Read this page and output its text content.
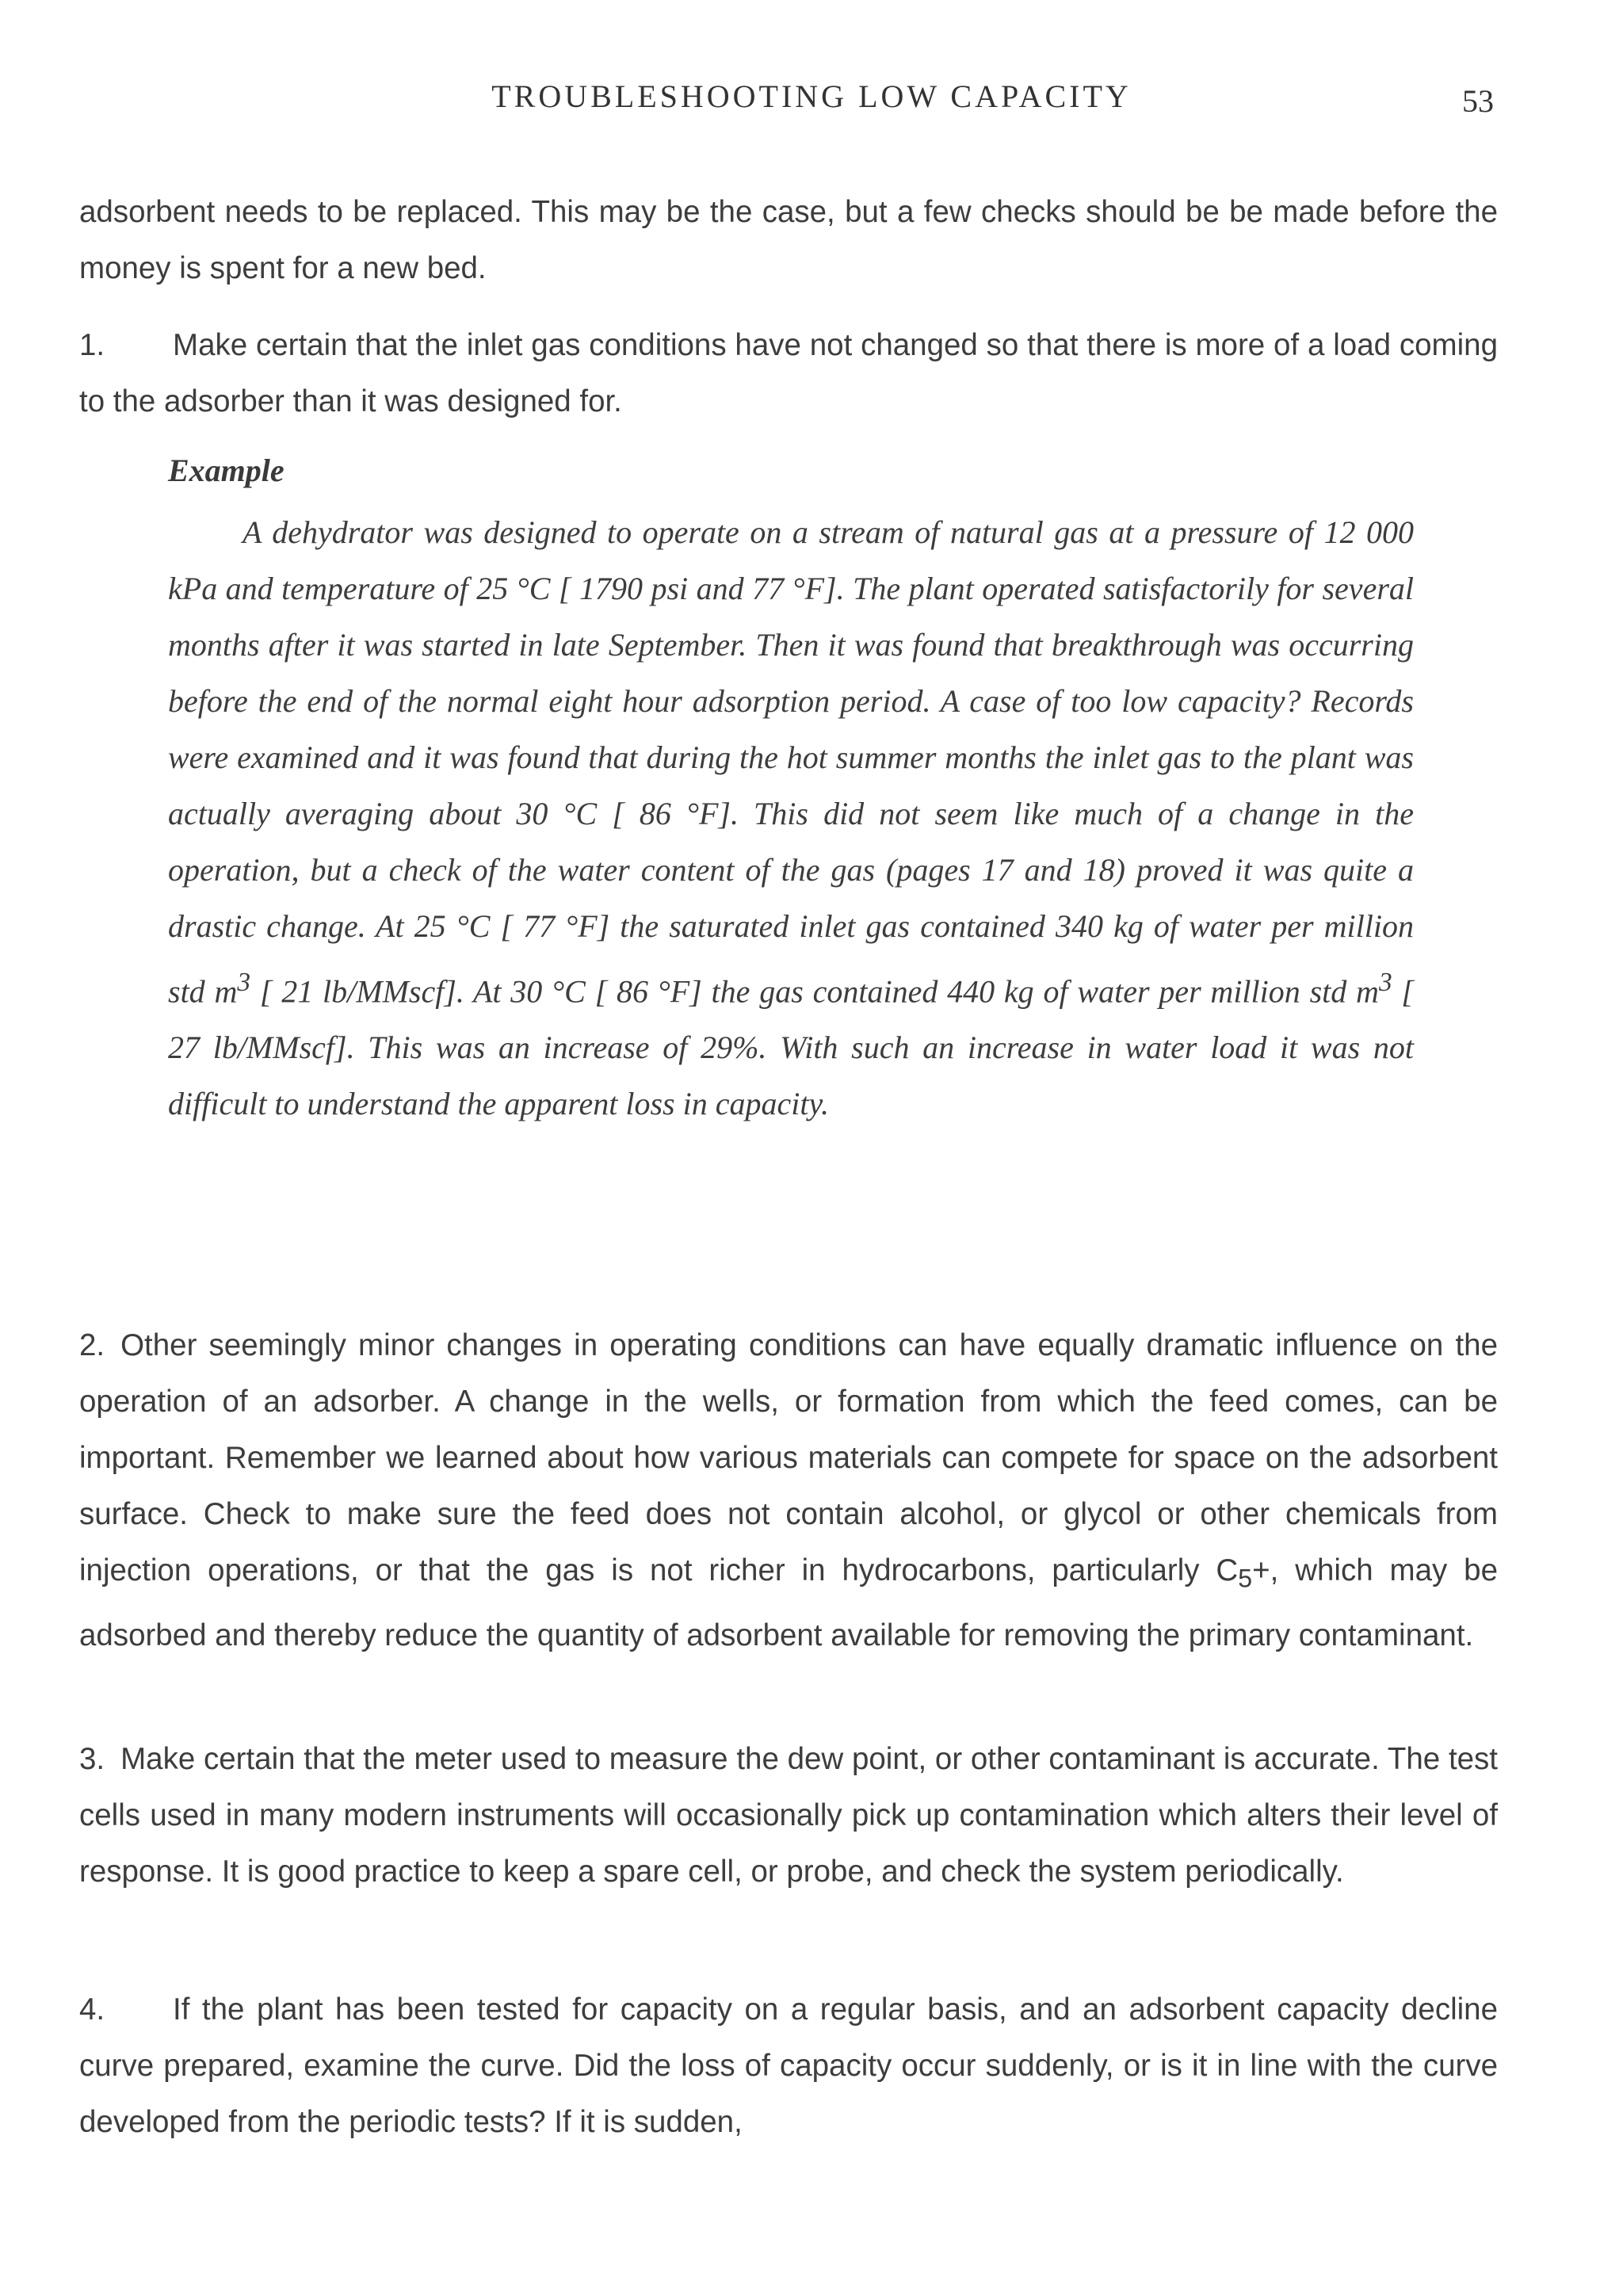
TROUBLESHOOTING LOW CAPACITY	53
adsorbent needs to be replaced. This may be the case, but a few checks should be be made before the money is spent for a new bed.
1. Make certain that the inlet gas conditions have not changed so that there is more of a load coming to the adsorber than it was designed for.
Example
A dehydrator was designed to operate on a stream of natural gas at a pressure of 12 000 kPa and temperature of 25 °C [ 1790 psi and 77 °F]. The plant operated satisfactorily for several months after it was started in late September. Then it was found that breakthrough was occurring before the end of the normal eight hour adsorption period. A case of too low capacity? Records were examined and it was found that during the hot summer months the inlet gas to the plant was actually averaging about 30 °C [ 86 °F]. This did not seem like much of a change in the operation, but a check of the water content of the gas (pages 17 and 18) proved it was quite a drastic change. At 25 °C [ 77 °F] the saturated inlet gas contained 340 kg of water per million std $m^3$ [ 21 lb/MMscf]. At 30 °C [ 86 °F] the gas contained 440 kg of water per million std $m^3$ [ 27 lb/MMscf]. This was an increase of 29%. With such an increase in water load it was not difficult to understand the apparent loss in capacity.
2. Other seemingly minor changes in operating conditions can have equally dramatic influence on the operation of an adsorber. A change in the wells, or formation from which the feed comes, can be important. Remember we learned about how various materials can compete for space on the adsorbent surface. Check to make sure the feed does not contain alcohol, or glycol or other chemicals from injection operations, or that the gas is not richer in hydrocarbons, particularly $C_5+$, which may be adsorbed and thereby reduce the quantity of adsorbent available for removing the primary contaminant.
3. Make certain that the meter used to measure the dew point, or other contaminant is accurate. The test cells used in many modern instruments will occasionally pick up contamination which alters their level of response. It is good practice to keep a spare cell, or probe, and check the system periodically.
4. If the plant has been tested for capacity on a regular basis, and an adsorbent capacity decline curve prepared, examine the curve. Did the loss of capacity occur suddenly, or is it in line with the curve developed from the periodic tests? If it is sudden,
